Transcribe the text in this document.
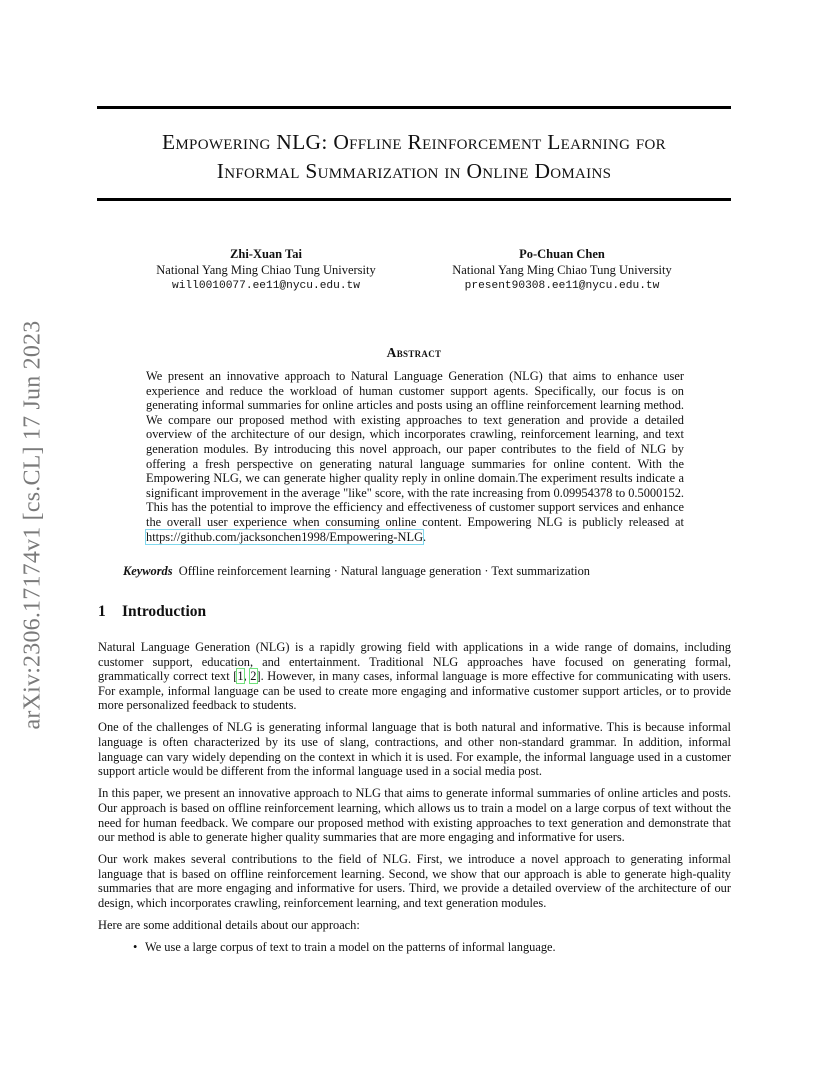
arXiv:2306.17174v1 [cs.CL] 17 Jun 2023
Empowering NLG: Offline Reinforcement Learning for
Informal Summarization in Online Domains
Zhi-Xuan Tai
National Yang Ming Chiao Tung University
will0010077.ee11@nycu.edu.tw
Po-Chuan Chen
National Yang Ming Chiao Tung University
present90308.ee11@nycu.edu.tw
Abstract

We present an innovative approach to Natural Language Generation (NLG) that aims to enhance user experience and reduce the workload of human customer support agents. Specifically, our focus is on generating informal summaries for online articles and posts using an offline reinforcement learning method. We compare our proposed method with existing approaches to text generation and provide a detailed overview of the architecture of our design, which incorporates crawling, reinforcement learning, and text generation modules. By introducing this novel approach, our paper contributes to the field of NLG by offering a fresh perspective on generating natural language summaries for online content. With the Empowering NLG, we can generate higher quality reply in online domain.The experiment results indicate a significant improvement in the average "like" score, with the rate increasing from 0.09954378 to 0.5000152. This has the potential to improve the efficiency and effectiveness of customer support services and enhance the overall user experience when consuming online content. Empowering NLG is publicly released at https://github.com/jacksonchen1998/Empowering-NLG.

Keywords Offline reinforcement learning · Natural language generation · Text summarization
1 Introduction

Natural Language Generation (NLG) is a rapidly growing field with applications in a wide range of domains, including customer support, education, and entertainment. Traditional NLG approaches have focused on generating formal, grammatically correct text [1, 2]. However, in many cases, informal language is more effective for communicating with users. For example, informal language can be used to create more engaging and informative customer support articles, or to provide more personalized feedback to students.

One of the challenges of NLG is generating informal language that is both natural and informative. This is because informal language is often characterized by its use of slang, contractions, and other non-standard grammar. In addition, informal language can vary widely depending on the context in which it is used. For example, the informal language used in a customer support article would be different from the informal language used in a social media post.

In this paper, we present an innovative approach to NLG that aims to generate informal summaries of online articles and posts. Our approach is based on offline reinforcement learning, which allows us to train a model on a large corpus of text without the need for human feedback. We compare our proposed method with existing approaches to text generation and demonstrate that our method is able to generate higher quality summaries that are more engaging and informative for users.

Our work makes several contributions to the field of NLG. First, we introduce a novel approach to generating informal language that is based on offline reinforcement learning. Second, we show that our approach is able to generate high-quality summaries that are more engaging and informative for users. Third, we provide a detailed overview of the architecture of our design, which incorporates crawling, reinforcement learning, and text generation modules.

Here are some additional details about our approach:

• We use a large corpus of text to train a model on the patterns of informal language.
